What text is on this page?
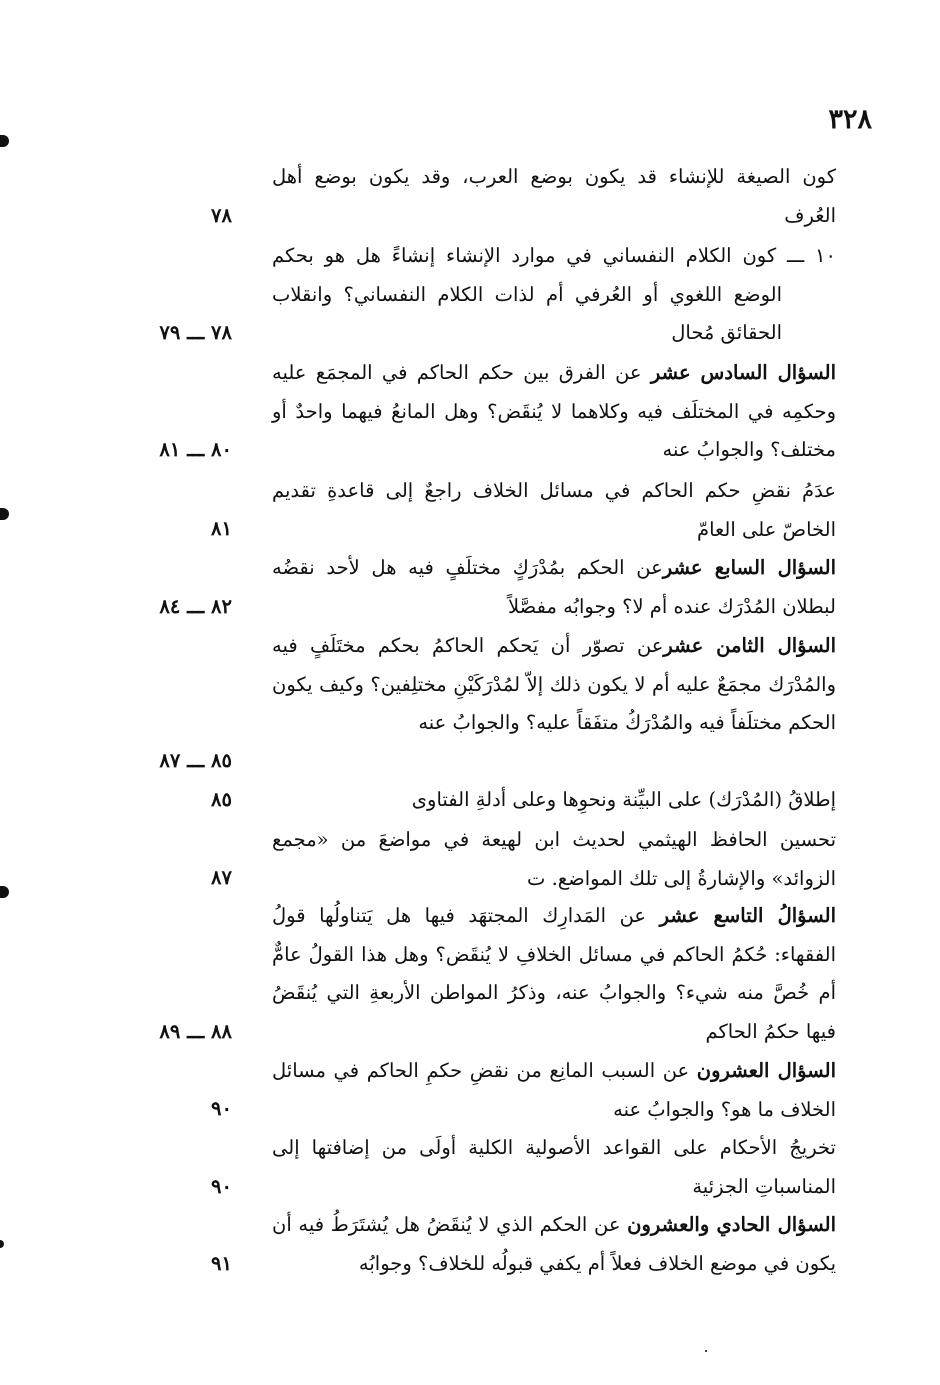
٣٢٨
كون الصيغة للإنشاء قد يكون بوضع العرب، وقد يكون بوضع أهل العُرف
٧٨
١٠ ـــ كون الكلام النفساني في موارد الإنشاء إنشاءً هل هو بحكم الوضع اللغوي أو العُرفي أم لذات الكلام النفساني؟ وانقلاب الحقائق مُحال
٧٨ ـــ ٧٩
السؤال السادس عشر عن الفرق بين حكم الحاكم في المجمَع عليه وحكمِه في المختلَف فيه وكلاهما لا يُنقَض؟ وهل المانعُ فيهما واحدٌ أو مختلف؟ والجوابُ عنه
٨٠ ـــ ٨١
عدَمُ نقضِ حكم الحاكم في مسائل الخلاف راجعٌ إلى قاعدةِ تقديم الخاصّ على العامّ
٨١
السؤال السابع عشرعن الحكم بمُدْرَكٍ مختلَفٍ فيه هل لأحد نقضُه لبطلان المُدْرَك عنده أم لا؟ وجوابُه مفصَّلاً
٨٢ ـــ ٨٤
السؤال الثامن عشرعن تصوّر أن يَحكم الحاكمُ بحكم مختَلَفٍ فيه والمُدْرَك مجمَعٌ عليه أم لا يكون ذلك إلاّ لمُدْرَكَيْنِ مختلِفين؟ وكيف يكون الحكم مختلَفاً فيه والمُدْرَكُ متفَقاً عليه؟ والجوابُ عنه
٨٥ ـــ ٨٧
إطلاقُ (المُدْرَك) على البيِّنة ونحوِها وعلى أدلةِ الفتاوى
٨٥
تحسين الحافظ الهيثمي لحديث ابن لهيعة في مواضعَ من «مجمع الزوائد» والإشارةُ إلى تلك المواضع. ت
٨٧
السؤالُ التاسع عشر عن المَدارِك المجتهَد فيها هل يَتناولُها قولُ الفقهاء: حُكمُ الحاكم في مسائل الخلافِ لا يُنقَض؟ وهل هذا القولُ عامٌّ أم خُصَّ منه شيء؟ والجوابُ عنه، وذكرُ المواطن الأربعةِ التي يُنقَضُ فيها حكمُ الحاكم
٨٨ ـــ ٨٩
السؤال العشرون عن السبب المانِع من نقضِ حكمِ الحاكم في مسائل الخلاف ما هو؟ والجوابُ عنه
٩٠
تخريجُ الأحكام على القواعد الأصولية الكلية أولَى من إضافتها إلى المناسباتِ الجزئية
٩٠
السؤال الحادي والعشرون عن الحكم الذي لا يُنقَضُ هل يُشتَرَطُ فيه أن يكون في موضع الخلاف فعلاً أم يكفي قبولُه للخلاف؟ وجوابُه
٩١
